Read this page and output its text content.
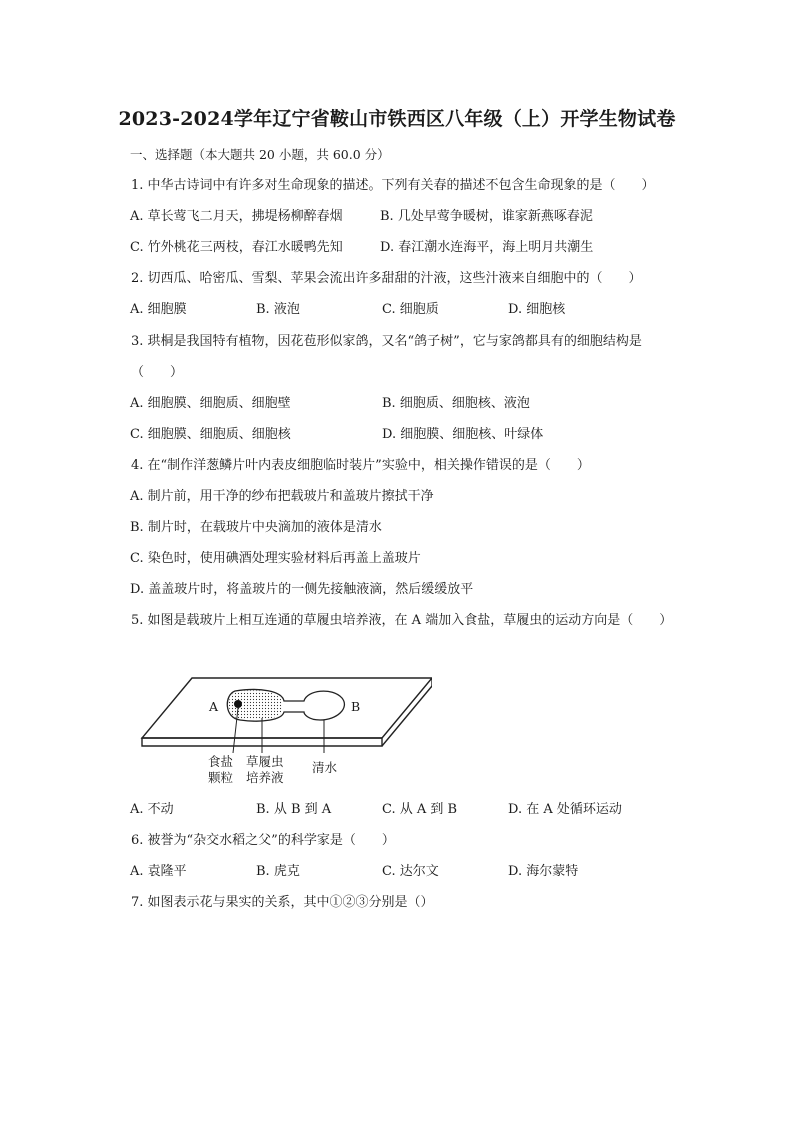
2023-2024学年辽宁省鞍山市铁西区八年级（上）开学生物试卷
一、选择题（本大题共 20 小题，共 60.0 分）
1. 中华古诗词中有许多对生命现象的描述。下列有关春的描述不包含生命现象的是（　　）
A. 草长莺飞二月天，拂堤杨柳醉春烟	B. 几处早莺争暖树，谁家新燕啄春泥
C. 竹外桃花三两枝，春江水暖鸭先知	D. 春江潮水连海平，海上明月共潮生
2. 切西瓜、哈密瓜、雪梨、苹果会流出许多甜甜的汁液，这些汁液来自细胞中的（　　）
A. 细胞膜	B. 液泡	C. 细胞质	D. 细胞核
3. 珙桐是我国特有植物，因花苞形似家鸽，又名“鸽子树”，它与家鸽都具有的细胞结构是
（　　）
A. 细胞膜、细胞质、细胞壁	B. 细胞质、细胞核、液泡
C. 细胞膜、细胞质、细胞核	D. 细胞膜、细胞核、叶绿体
4. 在“制作洋葱鳞片叶内表皮细胞临时装片”实验中，相关操作错误的是（　　）
A. 制片前，用干净的纱布把载玻片和盖玻片擦拭干净
B. 制片时，在载玻片中央滴加的液体是清水
C. 染色时，使用碘酒处理实验材料后再盖上盖玻片
D. 盖盖玻片时，将盖玻片的一侧先接触液滴，然后缓缓放平
5. 如图是载玻片上相互连通的草履虫培养液，在 A 端加入食盐，草履虫的运动方向是（　　）
A	B
食盐
颗粒
草履虫
培养液
清水
A. 不动	B. 从 B 到 A	C. 从 A 到 B	D. 在 A 处循环运动
6. 被誉为“杂交水稻之父”的科学家是（　　）
A. 袁隆平	B. 虎克	C. 达尔文	D. 海尔蒙特
7. 如图表示花与果实的关系，其中①②③分别是（）
